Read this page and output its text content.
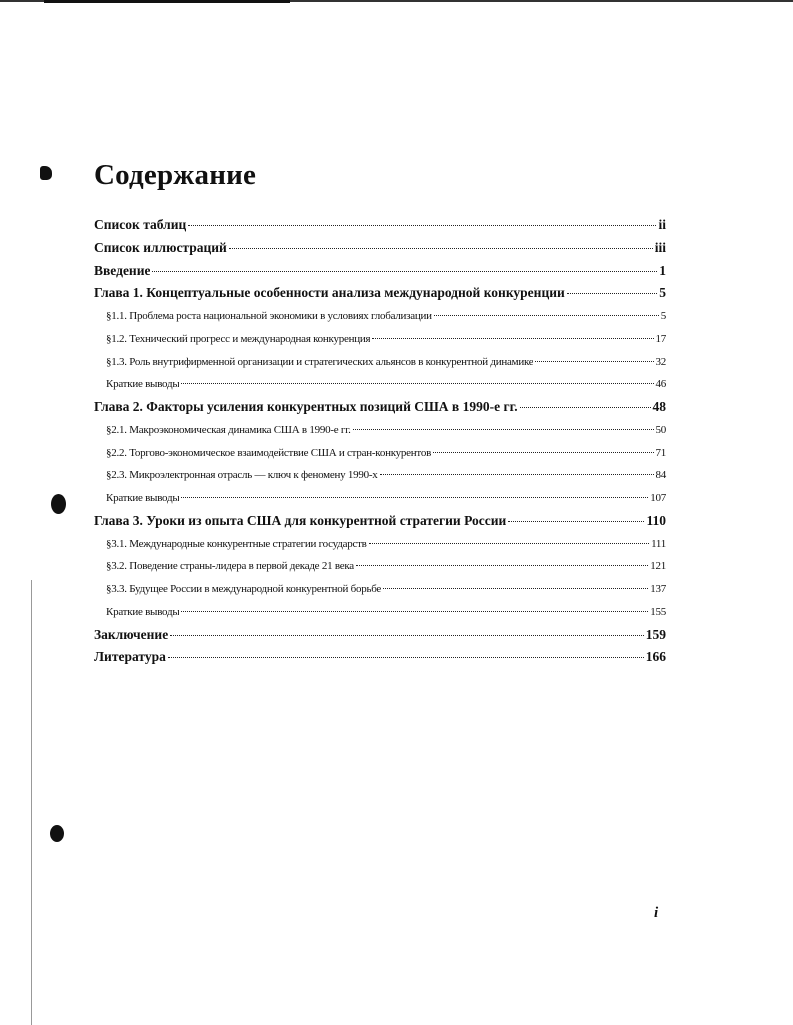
Содержание
Список таблиц	ii
Список иллюстраций	iii
Введение	1
Глава 1. Концептуальные особенности анализа международной конкуренции	5
§1.1. Проблема роста национальной экономики в условиях глобализации	5
§1.2. Технический прогресс и международная конкуренция	17
§1.3. Роль внутрифирменной организации и стратегических альянсов в конкурентной динамике	32
Краткие выводы	46
Глава 2. Факторы усиления конкурентных позиций США в 1990-е гг.	48
§2.1. Макроэкономическая динамика США в 1990-е гг.	50
§2.2. Торгово-экономическое взаимодействие США и стран-конкурентов	71
§2.3. Микроэлектронная отрасль — ключ к феномену 1990-х	84
Краткие выводы	107
Глава 3. Уроки из опыта США для конкурентной стратегии России	110
§3.1. Международные конкурентные стратегии государств	111
§3.2. Поведение страны-лидера в первой декаде 21 века	121
§3.3. Будущее России в международной конкурентной борьбе	137
Краткие выводы	155
Заключение	159
Литература	166
i
